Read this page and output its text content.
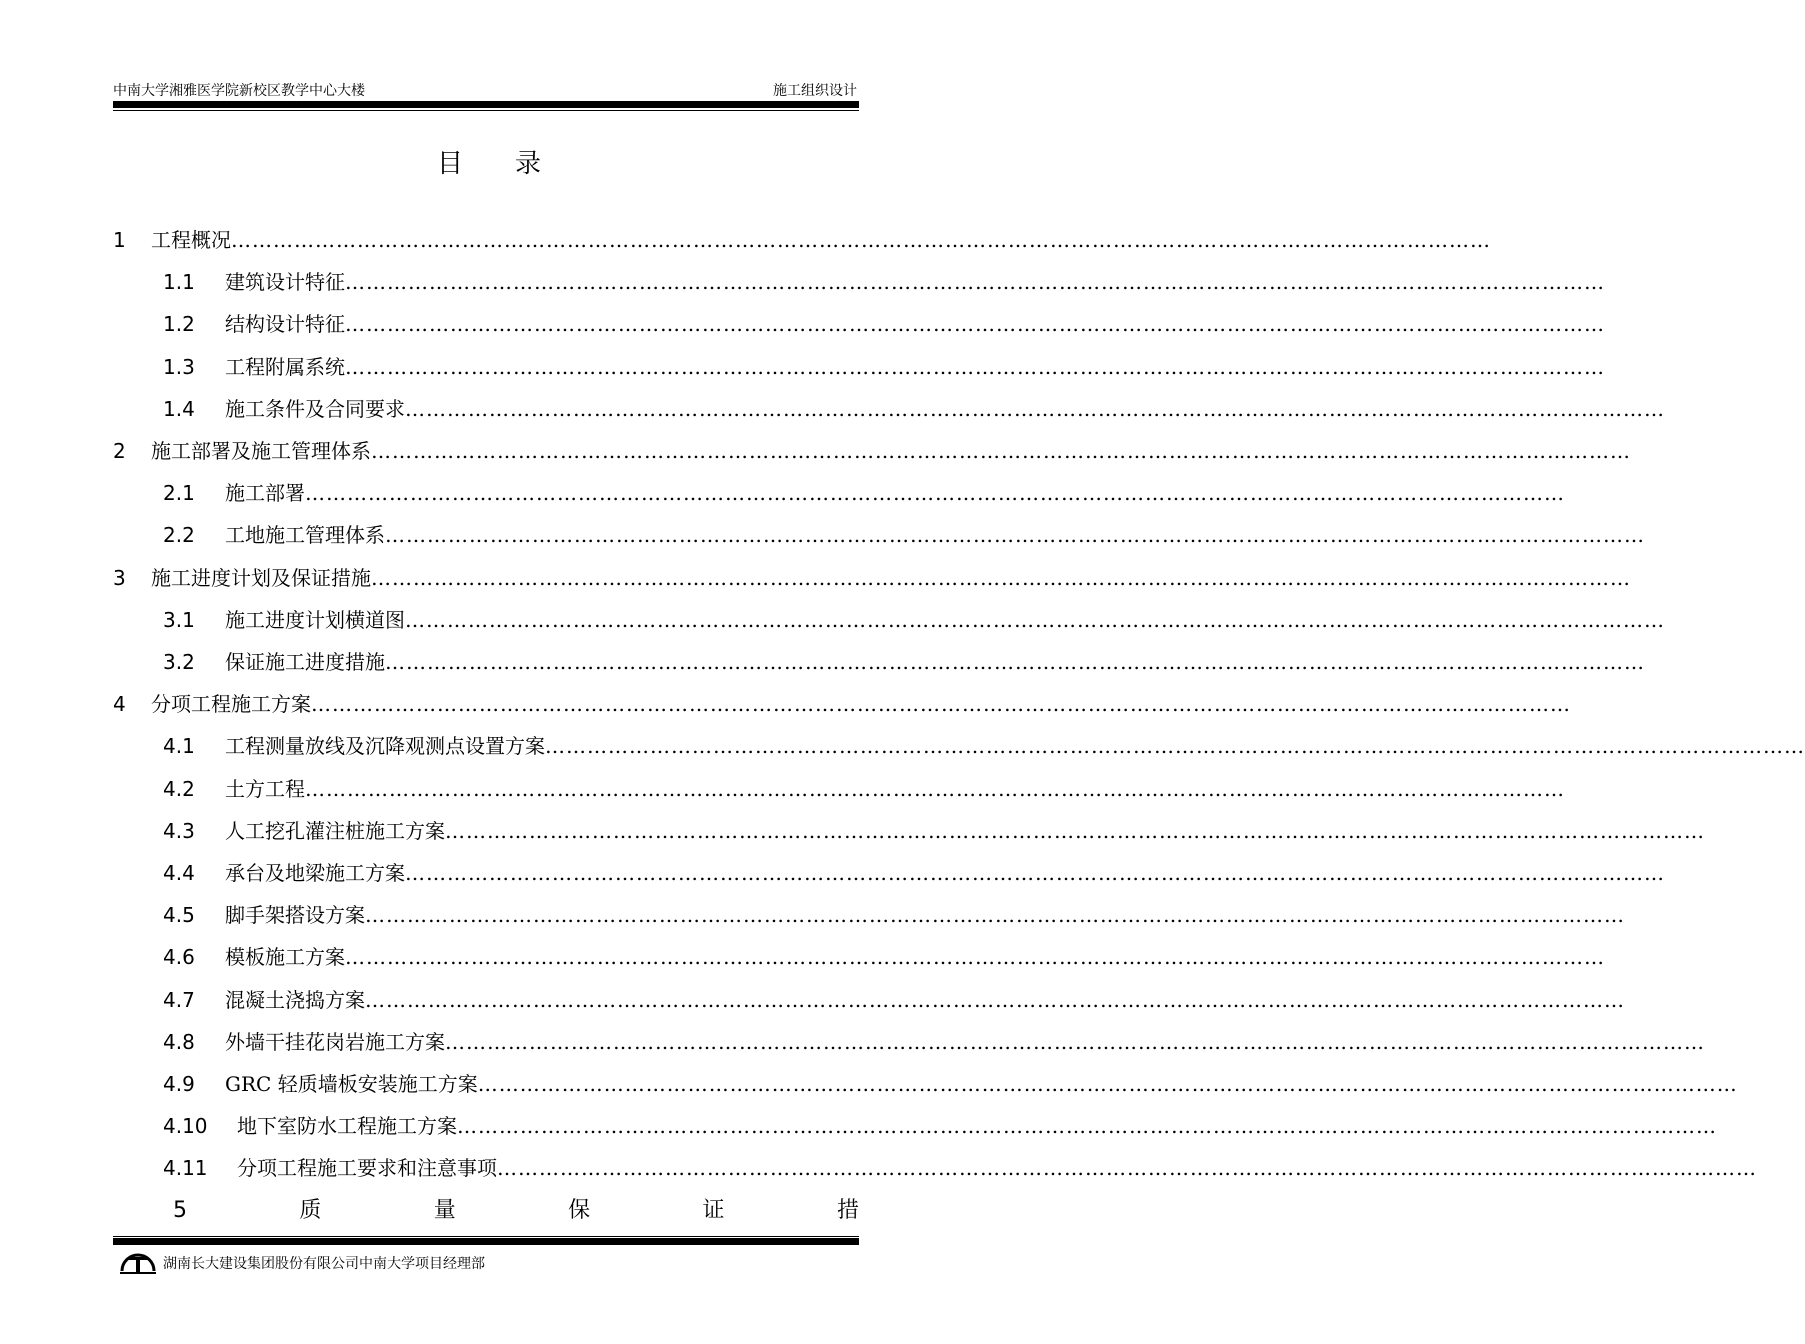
中南大学湘雅医学院新校区教学中心大楼	施工组织设计
目录
1 工程概况………………………………………………………………………………………………………………………………………………………………
1.1 建筑设计特征………………………………………………………………………………………………………………………………………………………………
1.2 结构设计特征………………………………………………………………………………………………………………………………………………………………
1.3 工程附属系统………………………………………………………………………………………………………………………………………………………………
1.4 施工条件及合同要求………………………………………………………………………………………………………………………………………………………………
2 施工部署及施工管理体系………………………………………………………………………………………………………………………………………………………………
2.1 施工部署………………………………………………………………………………………………………………………………………………………………
2.2 工地施工管理体系………………………………………………………………………………………………………………………………………………………………
3 施工进度计划及保证措施………………………………………………………………………………………………………………………………………………………………
3.1 施工进度计划横道图………………………………………………………………………………………………………………………………………………………………
3.2 保证施工进度措施………………………………………………………………………………………………………………………………………………………………
4 分项工程施工方案………………………………………………………………………………………………………………………………………………………………
4.1 工程测量放线及沉降观测点设置方案………………………………………………………………………………………………………………………………………………………………
4.2 土方工程………………………………………………………………………………………………………………………………………………………………
4.3 人工挖孔灌注桩施工方案………………………………………………………………………………………………………………………………………………………………
4.4 承台及地梁施工方案………………………………………………………………………………………………………………………………………………………………
4.5 脚手架搭设方案………………………………………………………………………………………………………………………………………………………………
4.6 模板施工方案………………………………………………………………………………………………………………………………………………………………
4.7 混凝土浇捣方案………………………………………………………………………………………………………………………………………………………………
4.8 外墙干挂花岗岩施工方案………………………………………………………………………………………………………………………………………………………………
4.9 GRC 轻质墙板安装施工方案………………………………………………………………………………………………………………………………………………………………
4.10 地下室防水工程施工方案………………………………………………………………………………………………………………………………………………………………
4.11 分项工程施工要求和注意事项………………………………………………………………………………………………………………………………………………………………
5	质	量	保	证	措
湖南长大建设集团股份有限公司中南大学项目经理部
